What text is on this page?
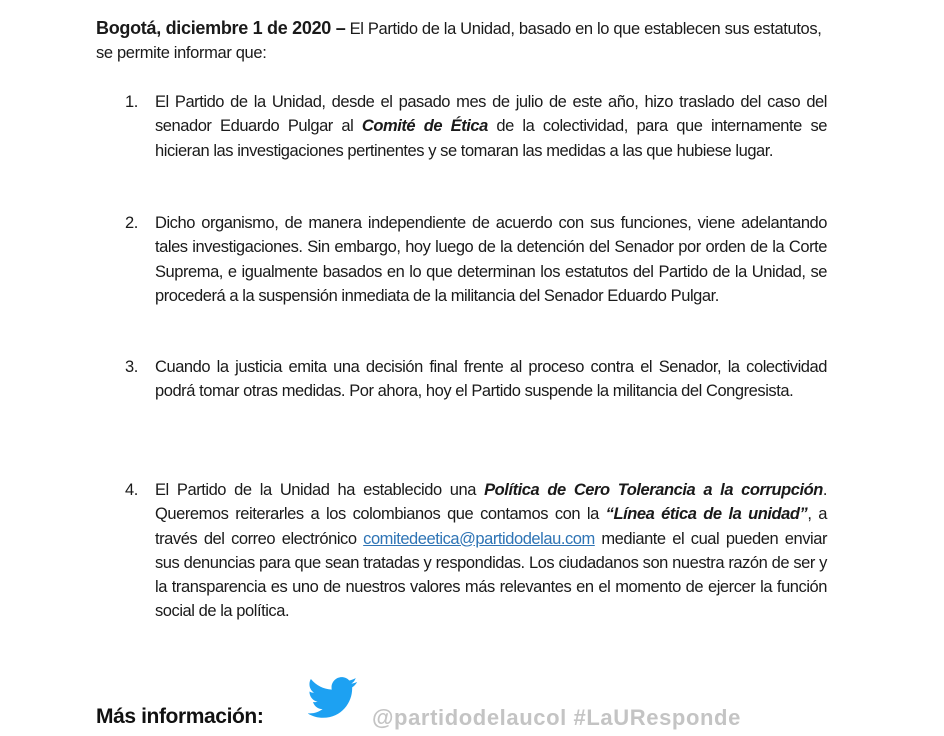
Bogotá, diciembre 1 de 2020 – El Partido de la Unidad, basado en lo que establecen sus estatutos, se permite informar que:

1. El Partido de la Unidad, desde el pasado mes de julio de este año, hizo traslado del caso del senador Eduardo Pulgar al Comité de Ética de la colectividad, para que internamente se hicieran las investigaciones pertinentes y se tomaran las medidas a las que hubiese lugar.
2. Dicho organismo, de manera independiente de acuerdo con sus funciones, viene adelantando tales investigaciones. Sin embargo, hoy luego de la detención del Senador por orden de la Corte Suprema, e igualmente basados en lo que determinan los estatutos del Partido de la Unidad, se procederá a la suspensión inmediata de la militancia del Senador Eduardo Pulgar.
3. Cuando la justicia emita una decisión final frente al proceso contra el Senador, la colectividad podrá tomar otras medidas. Por ahora, hoy el Partido suspende la militancia del Congresista.
4. El Partido de la Unidad ha establecido una Política de Cero Tolerancia a la corrupción. Queremos reiterarles a los colombianos que contamos con la “Línea ética de la unidad”, a través del correo electrónico comitedeetica@partidodelau.com mediante el cual pueden enviar sus denuncias para que sean tratadas y respondidas. Los ciudadanos son nuestra razón de ser y la transparencia es uno de nuestros valores más relevantes en el momento de ejercer la función social de la política.
Más información:	@partidodelaucol #LaUResponde
